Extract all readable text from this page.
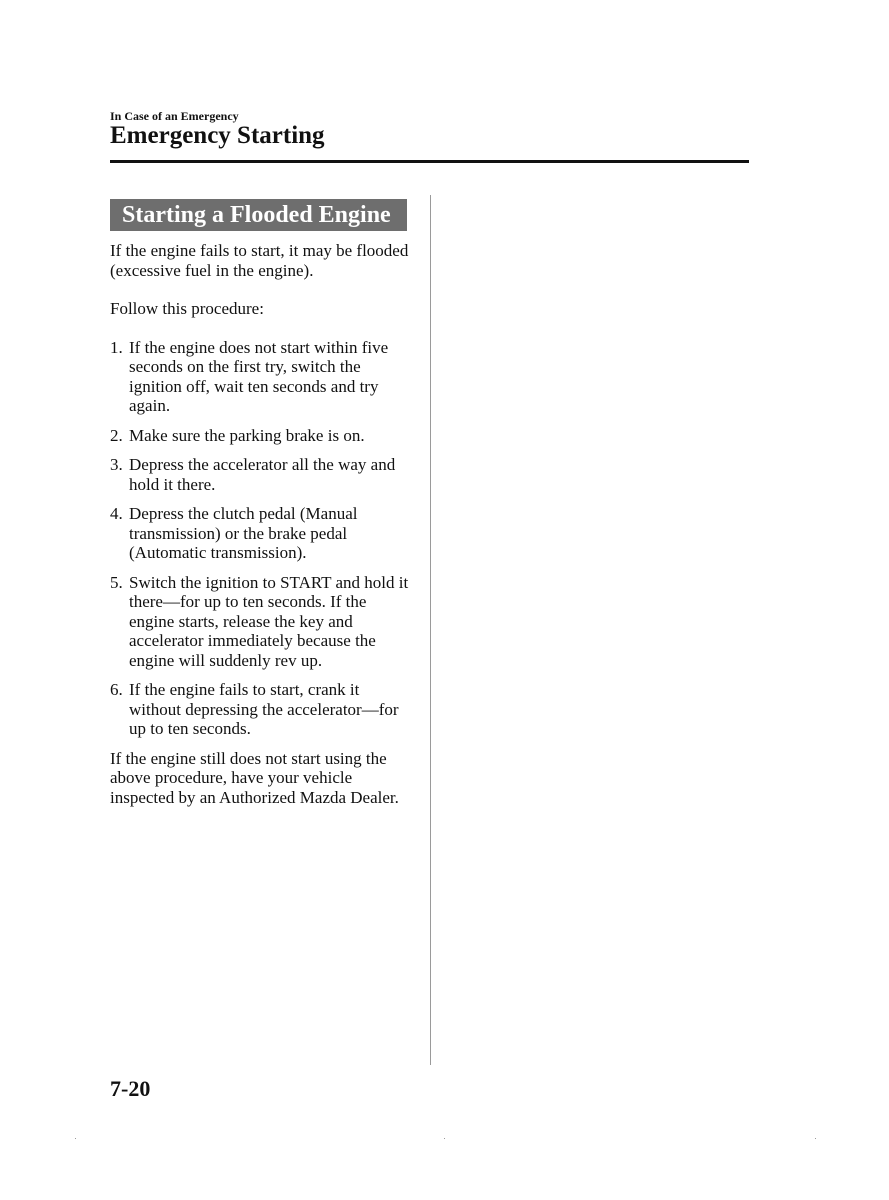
In Case of an Emergency
Emergency Starting
Starting a Flooded Engine

If the engine fails to start, it may be flooded (excessive fuel in the engine).

Follow this procedure:

1. If the engine does not start within five seconds on the first try, switch the ignition off, wait ten seconds and try again.
2. Make sure the parking brake is on.
3. Depress the accelerator all the way and hold it there.
4. Depress the clutch pedal (Manual transmission) or the brake pedal (Automatic transmission).
5. Switch the ignition to START and hold it there—for up to ten seconds. If the engine starts, release the key and accelerator immediately because the engine will suddenly rev up.
6. If the engine fails to start, crank it without depressing the accelerator—for up to ten seconds.

If the engine still does not start using the above procedure, have your vehicle inspected by an Authorized Mazda Dealer.

7-20
